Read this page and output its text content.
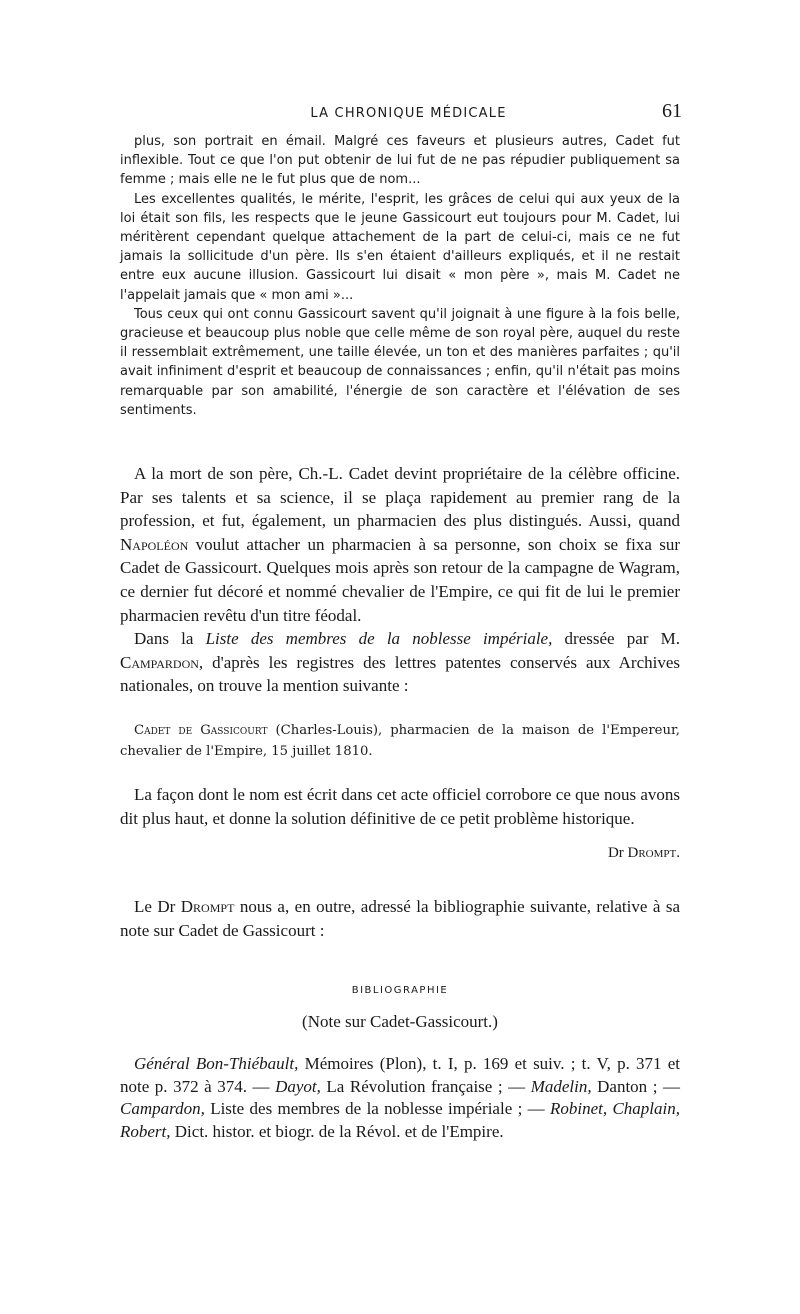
LA CHRONIQUE MÉDICALE	61

plus, son portrait en émail. Malgré ces faveurs et plusieurs autres, Cadet fut inflexible. Tout ce que l'on put obtenir de lui fut de ne pas répudier publiquement sa femme ; mais elle ne le fut plus que de nom...

Les excellentes qualités, le mérite, l'esprit, les grâces de celui qui aux yeux de la loi était son fils, les respects que le jeune Gassicourt eut toujours pour M. Cadet, lui méritèrent cependant quelque attachement de la part de celui-ci, mais ce ne fut jamais la sollicitude d'un père. Ils s'en étaient d'ailleurs expliqués, et il ne restait entre eux aucune illusion. Gassicourt lui disait « mon père », mais M. Cadet ne l'appelait jamais que « mon ami »...

Tous ceux qui ont connu Gassicourt savent qu'il joignait à une figure à la fois belle, gracieuse et beaucoup plus noble que celle même de son royal père, auquel du reste il ressemblait extrêmement, une taille élevée, un ton et des manières parfaites ; qu'il avait infiniment d'esprit et beaucoup de connaissances ; enfin, qu'il n'était pas moins remarquable par son amabilité, l'énergie de son caractère et l'élévation de ses sentiments.

A la mort de son père, Ch.-L. Cadet devint propriétaire de la célèbre officine. Par ses talents et sa science, il se plaça rapidement au premier rang de la profession, et fut, également, un pharmacien des plus distingués. Aussi, quand Napoléon voulut attacher un pharmacien à sa personne, son choix se fixa sur Cadet de Gassicourt. Quelques mois après son retour de la campagne de Wagram, ce dernier fut décoré et nommé chevalier de l'Empire, ce qui fit de lui le premier pharmacien revêtu d'un titre féodal.

Dans la Liste des membres de la noblesse impériale, dressée par M. Campardon, d'après les registres des lettres patentes conservés aux Archives nationales, on trouve la mention suivante :

Cadet de Gassicourt (Charles-Louis), pharmacien de la maison de l'Empereur, chevalier de l'Empire, 15 juillet 1810.
La façon dont le nom est écrit dans cet acte officiel corrobore ce que nous avons dit plus haut, et donne la solution définitive de ce petit problème historique.
Dr Drompt.
Le Dr Drompt nous a, en outre, adressé la bibliographie suivante, relative à sa note sur Cadet de Gassicourt :
BIBLIOGRAPHIE
(Note sur Cadet-Gassicourt.)
Général Bon-Thiébault, Mémoires (Plon), t. I, p. 169 et suiv. ; t. V, p. 371 et note p. 372 à 374. — Dayot, La Révolution française ; — Madelin, Danton ; — Campardon, Liste des membres de la noblesse impériale ; — Robinet, Chaplain, Robert, Dict. histor. et biogr. de la Révol. et de l'Empire.
